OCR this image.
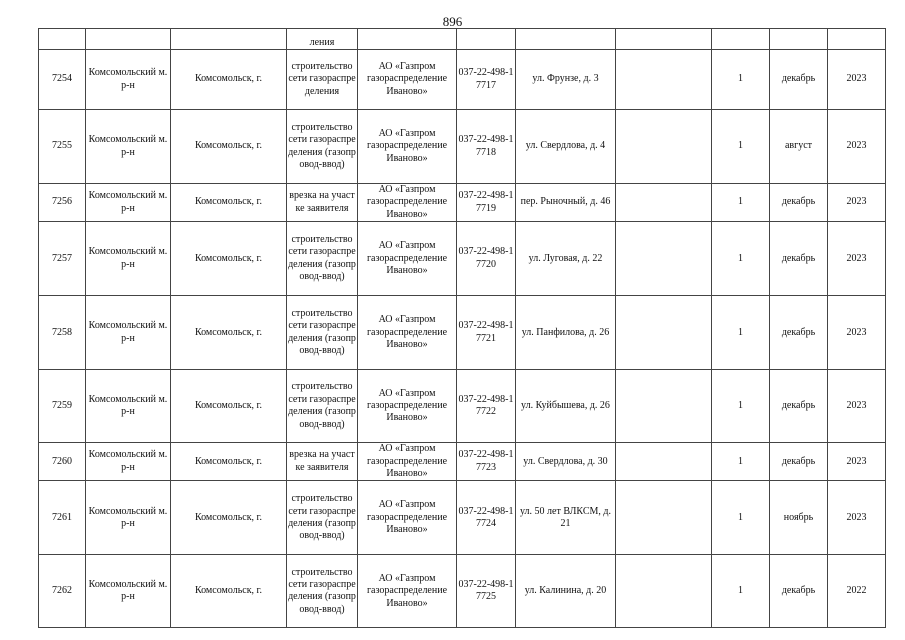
896
			ления							
7254	Комсомольский м.р-н	Комсомольск, г.	строительство сети газораспределения	АО «Газпром газораспределение Иваново»	037-22-498-17717	ул. Фрунзе, д. 3		1	декабрь	2023
7255	Комсомольский м.р-н	Комсомольск, г.	строительство сети газораспределения (газопровод-ввод)	АО «Газпром газораспределение Иваново»	037-22-498-17718	ул. Свердлова, д. 4		1	август	2023
7256	Комсомольский м.р-н	Комсомольск, г.	врезка на участке заявителя	АО «Газпром газораспределение Иваново»	037-22-498-17719	пер. Рыночный, д. 46		1	декабрь	2023
7257	Комсомольский м.р-н	Комсомольск, г.	строительство сети газораспределения (газопровод-ввод)	АО «Газпром газораспределение Иваново»	037-22-498-17720	ул. Луговая, д. 22		1	декабрь	2023
7258	Комсомольский м.р-н	Комсомольск, г.	строительство сети газораспределения (газопровод-ввод)	АО «Газпром газораспределение Иваново»	037-22-498-17721	ул. Панфилова, д. 26		1	декабрь	2023
7259	Комсомольский м.р-н	Комсомольск, г.	строительство сети газораспределения (газопровод-ввод)	АО «Газпром газораспределение Иваново»	037-22-498-17722	ул. Куйбышева, д. 26		1	декабрь	2023
7260	Комсомольский м.р-н	Комсомольск, г.	врезка на участке заявителя	АО «Газпром газораспределение Иваново»	037-22-498-17723	ул. Свердлова, д. 30		1	декабрь	2023
7261	Комсомольский м.р-н	Комсомольск, г.	строительство сети газораспределения (газопровод-ввод)	АО «Газпром газораспределение Иваново»	037-22-498-17724	ул. 50 лет ВЛКСМ, д. 21		1	ноябрь	2023
7262	Комсомольский м.р-н	Комсомольск, г.	строительство сети газораспределения (газопровод-ввод)	АО «Газпром газораспределение Иваново»	037-22-498-17725	ул. Калинина, д. 20		1	декабрь	2022
